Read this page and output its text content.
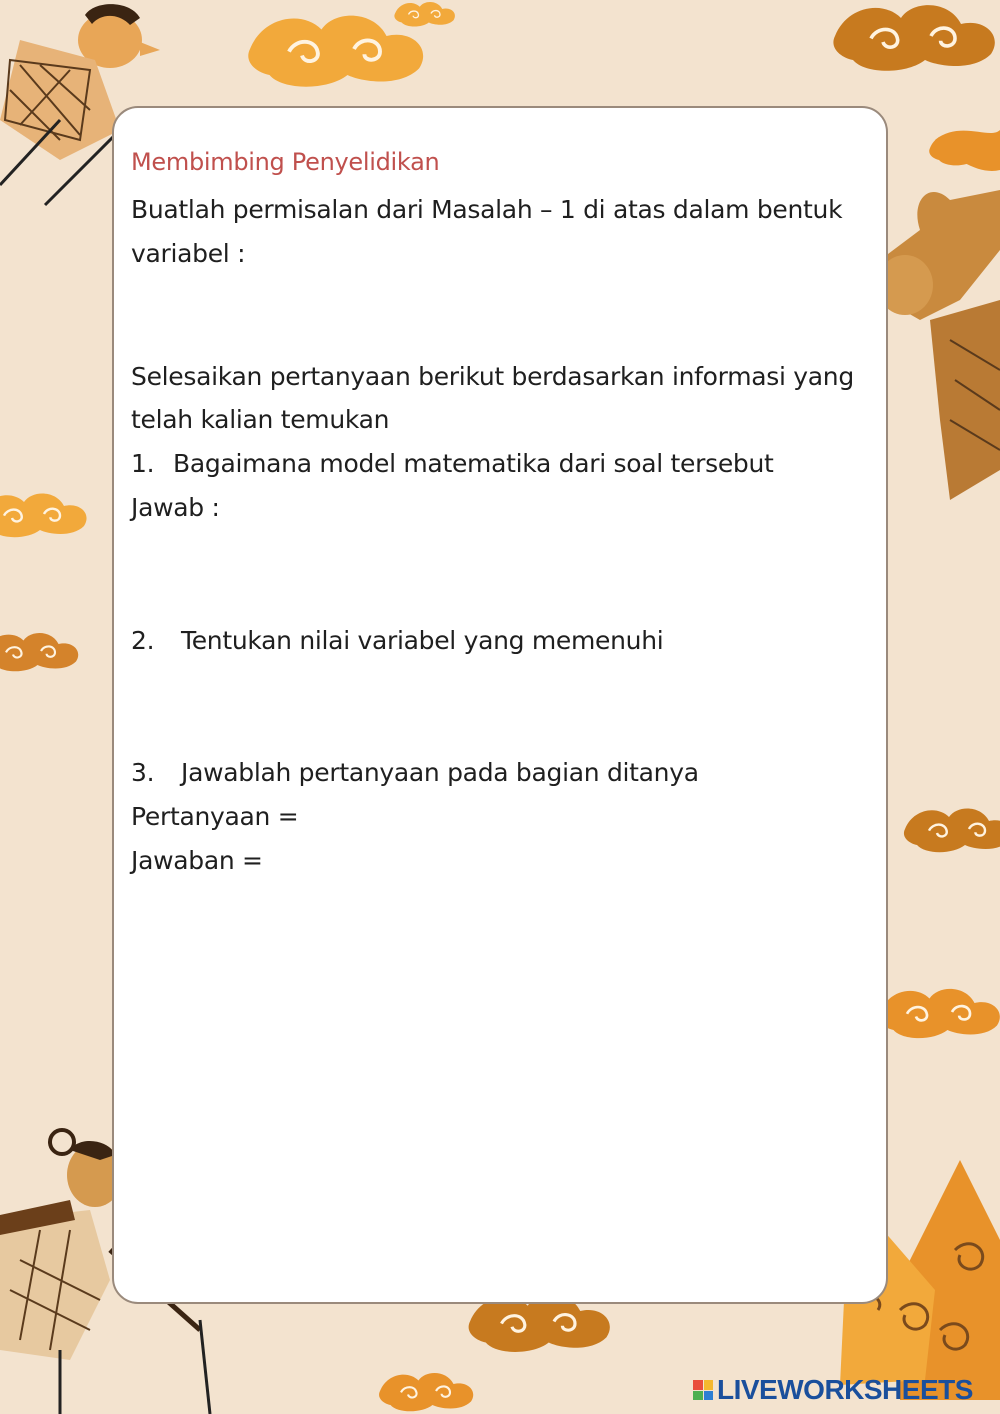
Membimbing Penyelidikan
Buatlah permisalan dari Masalah – 1 di atas dalam bentuk
variabel :
Selesaikan pertanyaan berikut berdasarkan informasi yang
telah kalian temukan
1. Bagaimana model matematika dari soal tersebut
Jawab :
2. Tentukan nilai variabel yang memenuhi
3. Jawablah pertanyaan pada bagian ditanya
Pertanyaan =
Jawaban =
LIVEWORKSHEETS
